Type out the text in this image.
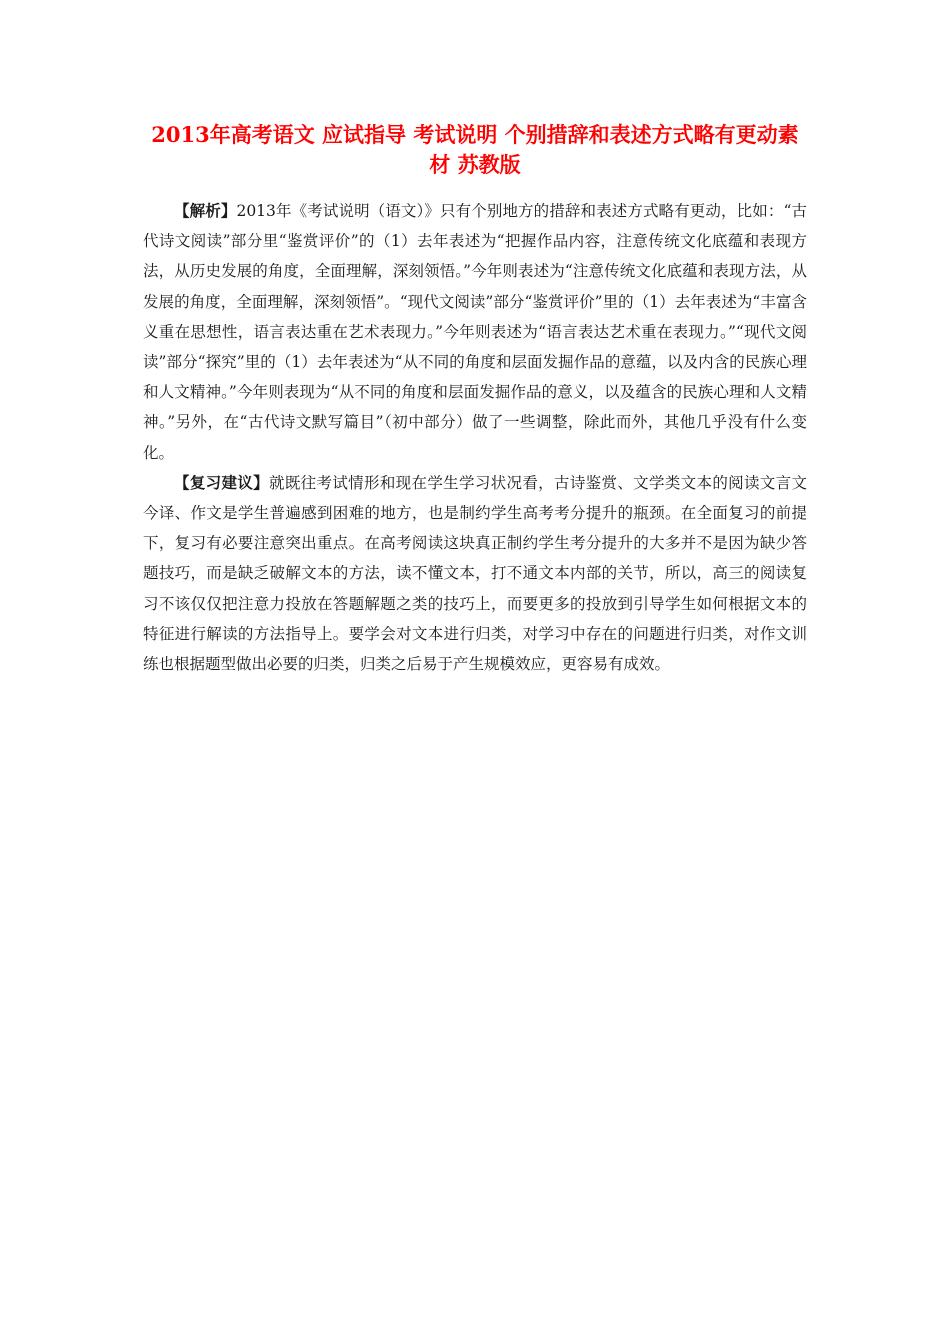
2013年高考语文 应试指导 考试说明 个别措辞和表述方式略有更动素材 苏教版

【解析】2013年《考试说明（语文）》只有个别地方的措辞和表述方式略有更动，比如：“古代诗文阅读”部分里“鉴赏评价”的（1）去年表述为“把握作品内容，注意传统文化底蕴和表现方法，从历史发展的角度，全面理解，深刻领悟。”今年则表述为“注意传统文化底蕴和表现方法，从发展的角度，全面理解，深刻领悟”。“现代文阅读”部分“鉴赏评价”里的（1）去年表述为“丰富含义重在思想性，语言表达重在艺术表现力。”今年则表述为“语言表达艺术重在表现力。”“现代文阅读”部分“探究”里的（1）去年表述为“从不同的角度和层面发掘作品的意蕴，以及内含的民族心理和人文精神。”今年则表现为“从不同的角度和层面发掘作品的意义，以及蕴含的民族心理和人文精神。”另外，在“古代诗文默写篇目”（初中部分）做了一些调整，除此而外，其他几乎没有什么变化。

【复习建议】就既往考试情形和现在学生学习状况看，古诗鉴赏、文学类文本的阅读文言文今译、作文是学生普遍感到困难的地方，也是制约学生高考考分提升的瓶颈。在全面复习的前提下，复习有必要注意突出重点。在高考阅读这块真正制约学生考分提升的大多并不是因为缺少答题技巧，而是缺乏破解文本的方法，读不懂文本，打不通文本内部的关节，所以，高三的阅读复习不该仅仅把注意力投放在答题解题之类的技巧上，而要更多的投放到引导学生如何根据文本的特征进行解读的方法指导上。要学会对文本进行归类，对学习中存在的问题进行归类，对作文训练也根据题型做出必要的归类，归类之后易于产生规模效应，更容易有成效。
